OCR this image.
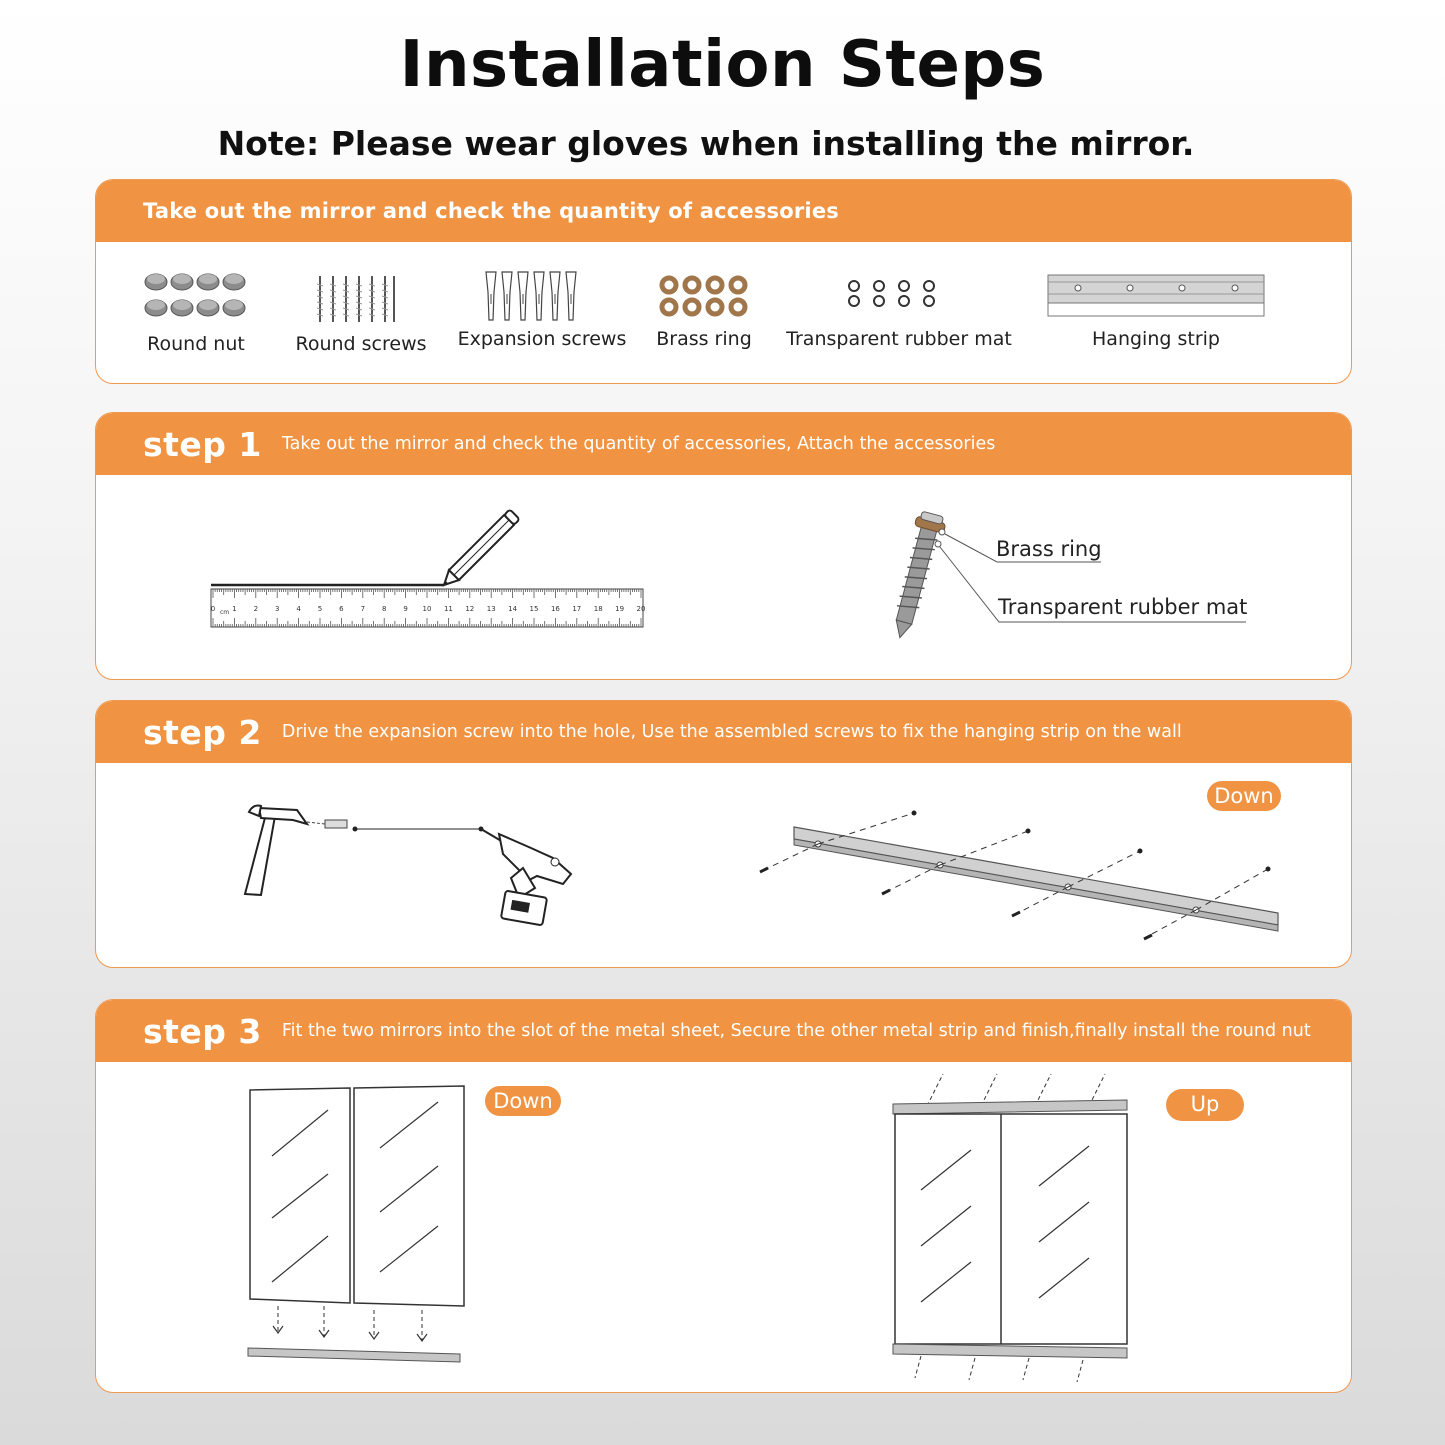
Installation Steps
Note: Please wear gloves when installing the mirror.
Take out the mirror and check the quantity of accessories
Round nut	Round screws Expansion screws Brass ring Transparent rubber mat	Hanging strip
step 1 Take out the mirror and check the quantity of accessories, Attach the accessories
0 1 2 3 4 5 6 7 8 9 10 11 12 13 14 15 16 17 18 19 20
cm
Brass ring
Transparent rubber mat
step 2 Drive the expansion screw into the hole, Use the assembled screws to fix the hanging strip on the wall
Down
step 3 Fit the two mirrors into the slot of the metal sheet, Secure the other metal strip and finish,finally install the round nut
Down	Up
